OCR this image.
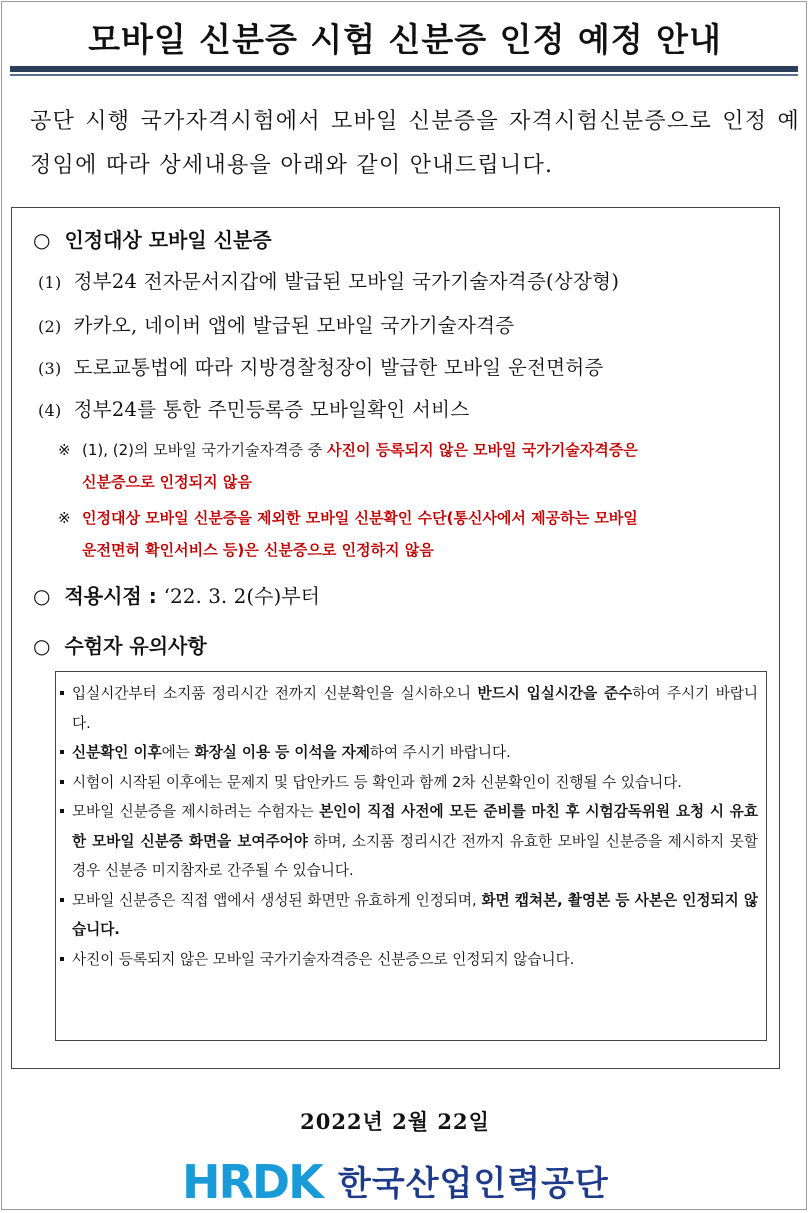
모바일 신분증 시험 신분증 인정 예정 안내

공단 시행 국가자격시험에서 모바일 신분증을 자격시험신분증으로 인정 예정임에 따라 상세내용을 아래와 같이 안내드립니다.

○ 인정대상 모바일 신분증

(1) 정부24 전자문서지갑에 발급된 모바일 국가기술자격증(상장형)

(2) 카카오, 네이버 앱에 발급된 모바일 국가기술자격증

(3) 도로교통법에 따라 지방경찰청장이 발급한 모바일 운전면허증

(4) 정부24를 통한 주민등록증 모바일확인 서비스

※ (1), (2)의 모바일 국가기술자격증 중 사진이 등록되지 않은 모바일 국가기술자격증은
신분증으로 인정되지 않음

※ 인정대상 모바일 신분증을 제외한 모바일 신분확인 수단(통신사에서 제공하는 모바일
운전면허 확인서비스 등)은 신분증으로 인정하지 않음

○ 적용시점 : ‘22. 3. 2(수)부터

○ 수험자 유의사항

입실시간부터 소지품 정리시간 전까지 신분확인을 실시하오니 반드시 입실시간을 준수하여 주시기 바랍니다.
신분확인 이후에는 화장실 이용 등 이석을 자제하여 주시기 바랍니다.
시험이 시작된 이후에는 문제지 및 답안카드 등 확인과 함께 2차 신분확인이 진행될 수 있습니다.
모바일 신분증을 제시하려는 수험자는 본인이 직접 사전에 모든 준비를 마친 후 시험감독위원 요청 시 유효한 모바일 신분증 화면을 보여주어야 하며, 소지품 정리시간 전까지 유효한 모바일 신분증을 제시하지 못할 경우 신분증 미지참자로 간주될 수 있습니다.
모바일 신분증은 직접 앱에서 생성된 화면만 유효하게 인정되며, 화면 캡쳐본, 촬영본 등 사본은 인정되지 않습니다.
사진이 등록되지 않은 모바일 국가기술자격증은 신분증으로 인정되지 않습니다.

2022년 2월 22일

HRDK 한국산업인력공단
